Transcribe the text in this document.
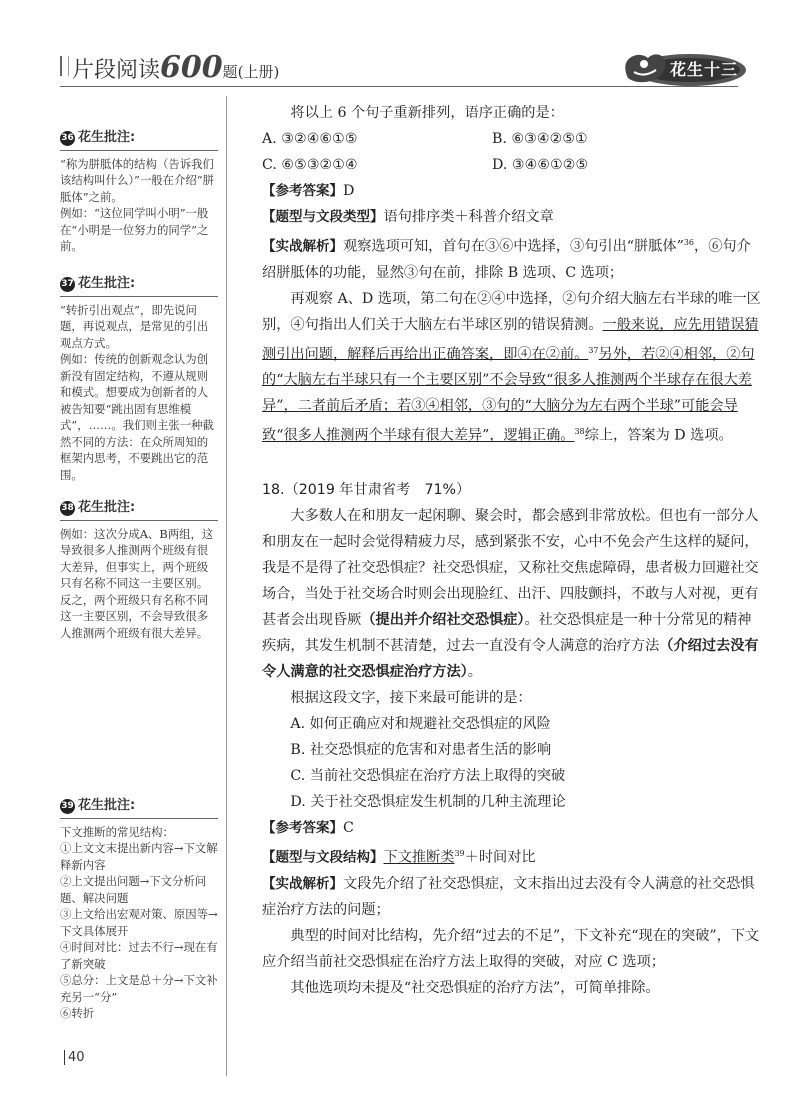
片段阅读600题(上册)	花生十三
36 花生批注:

“称为胼胝体的结构（告诉我们该结构叫什么）”一般在介绍“胼胝体”之前。

例如：“这位同学叫小明”一般在“小明是一位努力的同学”之前。

37 花生批注:

“转折引出观点”，即先说问题，再说观点，是常见的引出观点方式。

例如：传统的创新观念认为创新没有固定结构，不遵从规则和模式。想要成为创新者的人被告知要“跳出固有思维模式”，……。我们则主张一种截然不同的方法：在众所周知的框架内思考，不要跳出它的范围。

38 花生批注:

例如：这次分成A、B两组，这导致很多人推测两个班级有很大差异，但事实上，两个班级只有名称不同这一主要区别。

反之，两个班级只有名称不同这一主要区别，不会导致很多人推测两个班级有很大差异。

39 花生批注:

下文推断的常见结构：

①上文文末提出新内容→下文解释新内容

②上文提出问题→下文分析问题、解决问题

③上文给出宏观对策、原因等→下文具体展开

④时间对比：过去不行→现在有了新突破

⑤总分：上文是总＋分→下文补充另一“分”

⑥转折

将以上 6 个句子重新排列，语序正确的是：

A. ③②④⑥①⑤	B. ⑥③④②⑤①
C. ⑥⑤③②①④	D. ③④⑥①②⑤

【参考答案】D

【题型与文段类型】语句排序类＋科普介绍文章

【实战解析】观察选项可知，首句在③⑥中选择，③句引出“胼胝体”$^{36}$，⑥句介绍胼胝体的功能，显然③句在前，排除 B 选项、C 选项；

再观察 A、D 选项，第二句在②④中选择，②句介绍大脑左右半球的唯一区别，④句指出人们关于大脑左右半球区别的错误猜测。一般来说，应先用错误猜测引出问题，解释后再给出正确答案，即④在②前。$^{37}$另外，若②④相邻，②句的“大脑左右半球只有一个主要区别”不会导致“很多人推测两个半球存在很大差异”，二者前后矛盾；若③④相邻，③句的“大脑分为左右两个半球”可能会导致“很多人推测两个半球有很大差异”，逻辑正确。$^{38}$综上，答案为 D 选项。

18.（2019 年甘肃省考　71%）

大多数人在和朋友一起闲聊、聚会时，都会感到非常放松。但也有一部分人和朋友在一起时会觉得精疲力尽，感到紧张不安，心中不免会产生这样的疑问，我是不是得了社交恐惧症？社交恐惧症，又称社交焦虑障碍，患者极力回避社交场合，当处于社交场合时则会出现脸红、出汗、四肢颤抖，不敢与人对视，更有甚者会出现昏厥（提出并介绍社交恐惧症）。社交恐惧症是一种十分常见的精神疾病，其发生机制不甚清楚，过去一直没有令人满意的治疗方法（介绍过去没有令人满意的社交恐惧症治疗方法）。

根据这段文字，接下来最可能讲的是：

A. 如何正确应对和规避社交恐惧症的风险

B. 社交恐惧症的危害和对患者生活的影响

C. 当前社交恐惧症在治疗方法上取得的突破

D. 关于社交恐惧症发生机制的几种主流理论

【参考答案】C

【题型与文段结构】下文推断类$^{39}$＋时间对比

【实战解析】文段先介绍了社交恐惧症，文末指出过去没有令人满意的社交恐惧症治疗方法的问题；

典型的时间对比结构，先介绍“过去的不足”，下文补充“现在的突破”，下文应介绍当前社交恐惧症在治疗方法上取得的突破，对应 C 选项；

其他选项均未提及“社交恐惧症的治疗方法”，可简单排除。

40
